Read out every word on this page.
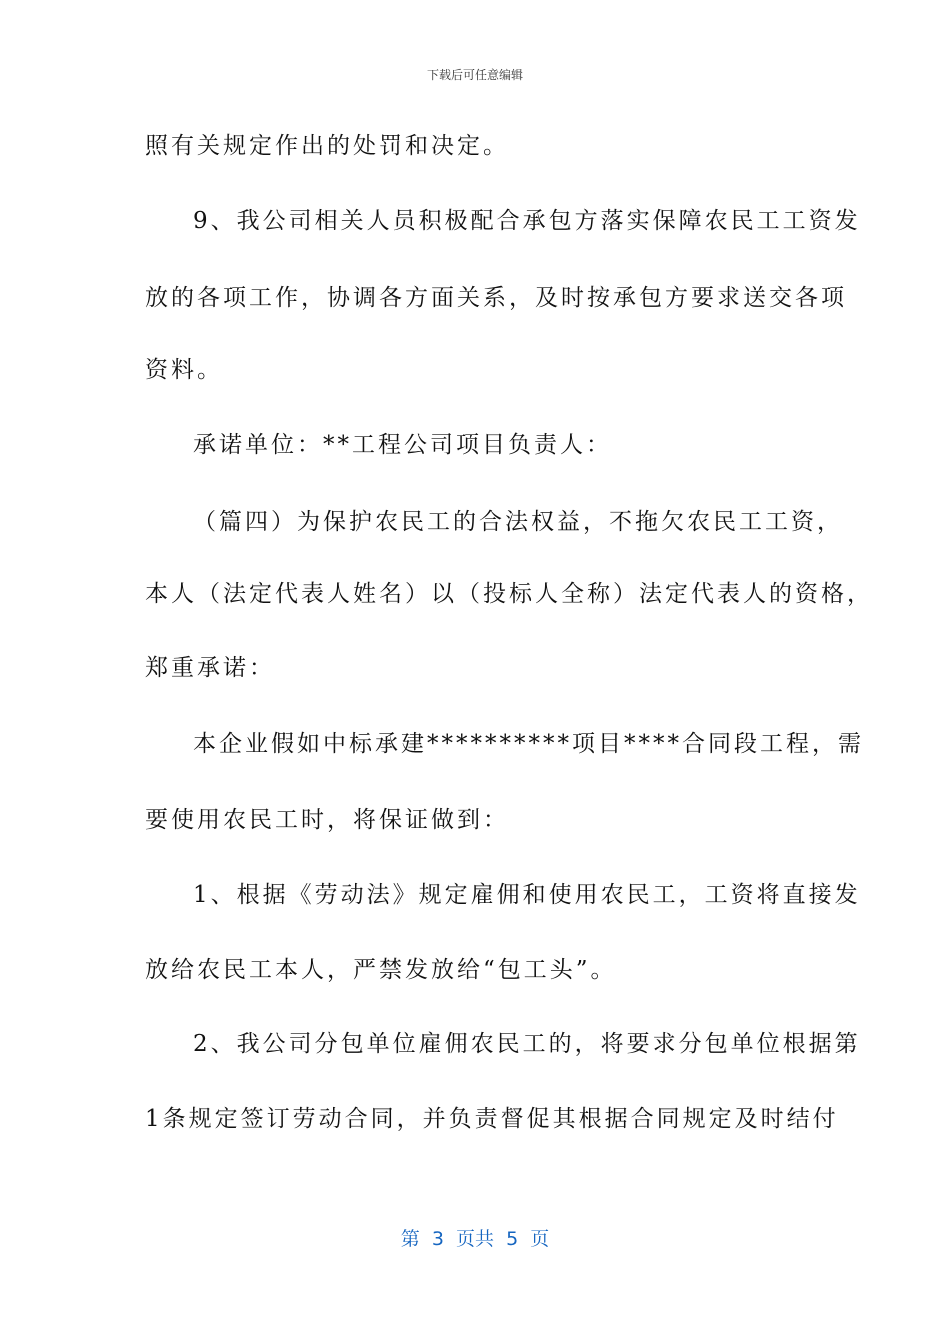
下载后可任意编辑
照有关规定作出的处罚和决定。
9、我公司相关人员积极配合承包方落实保障农民工工资发
放的各项工作，协调各方面关系，及时按承包方要求送交各项
资料。
承诺单位：**工程公司项目负责人：
（篇四）为保护农民工的合法权益，不拖欠农民工工资，
本人（法定代表人姓名）以（投标人全称）法定代表人的资格，
郑重承诺：
本企业假如中标承建**********项目****合同段工程，需
要使用农民工时，将保证做到：
1、根据《劳动法》规定雇佣和使用农民工，工资将直接发
放给农民工本人，严禁发放给“包工头”。
2、我公司分包单位雇佣农民工的，将要求分包单位根据第
1条规定签订劳动合同，并负责督促其根据合同规定及时结付
第  3  页共  5  页
